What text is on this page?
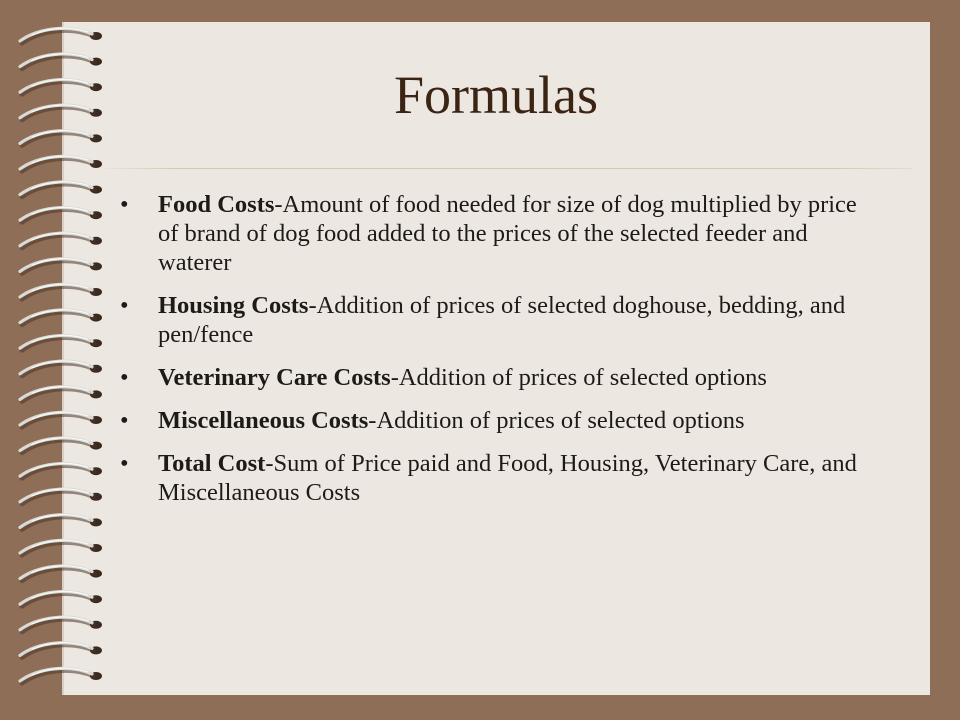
Formulas
• Food Costs-Amount of food needed for size of dog multiplied by price of brand of dog food added to the prices of the selected feeder and waterer
• Housing Costs-Addition of prices of selected doghouse, bedding, and pen/fence
• Veterinary Care Costs-Addition of prices of selected options
• Miscellaneous Costs-Addition of prices of selected options
• Total Cost-Sum of Price paid and Food, Housing, Veterinary Care, and Miscellaneous Costs
